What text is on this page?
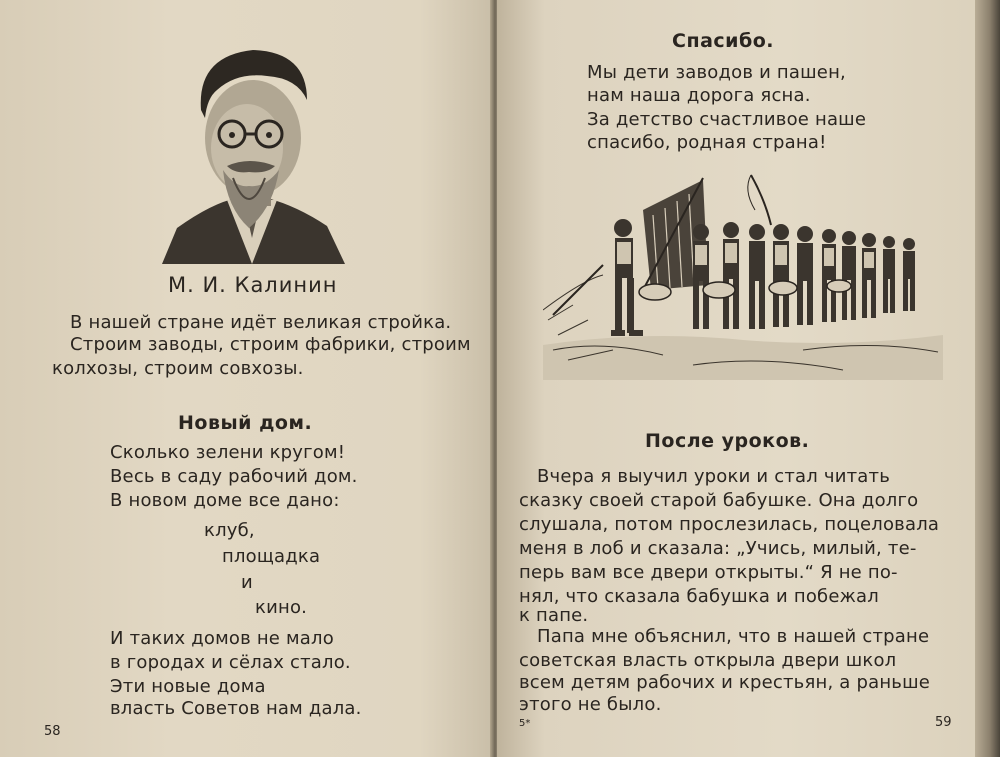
М. И. Калинин

В нашей стране идёт великая стройка.

Строим заводы, строим фабрики, строим

колхозы, строим совхозы.

Новый дом.

Сколько зелени кругом!

Весь в саду рабочий дом.

В новом доме все дано:

клуб,

площадка

и

кино.

И таких домов не мало

в городах и сёлах стало.

Эти новые дома

власть Советов нам дала.

58

Спасибо.

Мы дети заводов и пашен,

нам наша дорога ясна.

За детство счастливое наше

спасибо, родная страна!

После уроков.

Вчера я выучил уроки и стал читать

сказку своей старой бабушке. Она долго

слушала, потом прослезилась, поцеловала

меня в лоб и сказала: „Учись, милый, те-

перь вам все двери открыты.“ Я не по-

нял, что сказала бабушка и побежал

к папе.

Папа мне объяснил, что в нашей стране

советская власть открыла двери школ

всем детям рабочих и крестьян, а раньше

этого не было.

5*	59
